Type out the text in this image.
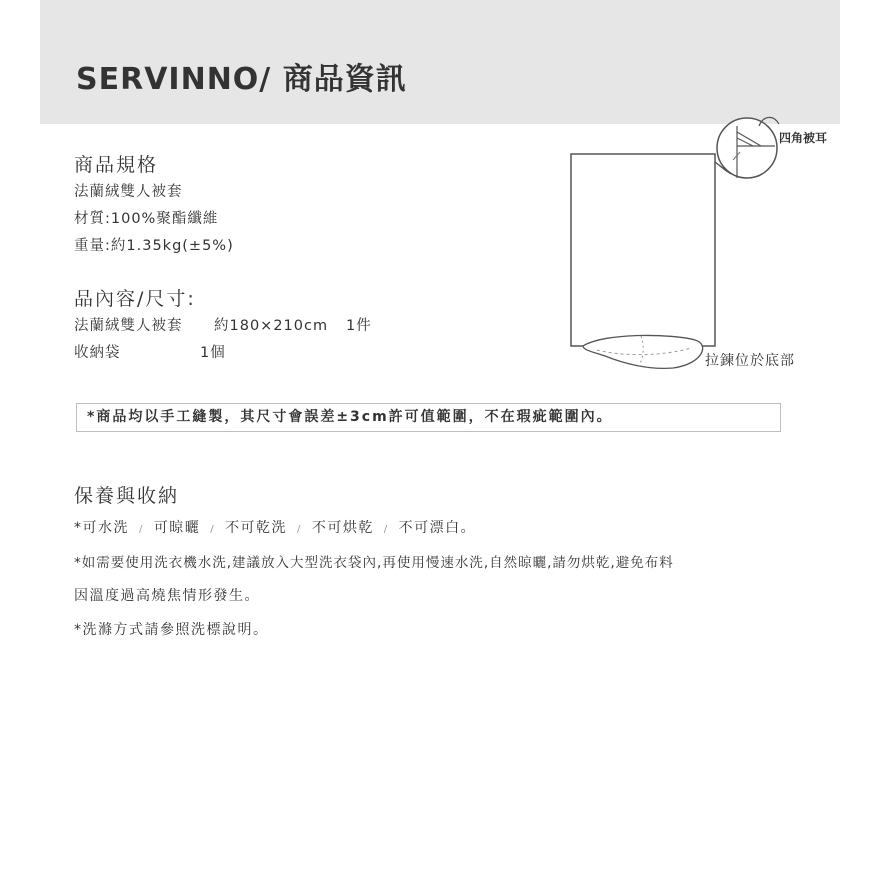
SERVINNO/ 商品資訊
商品規格
法蘭絨雙人被套
材質:100%聚酯纖維
重量:約1.35kg(±5%)
品內容/尺寸:
法蘭絨雙人被套 約180×210cm 1件
收納袋	1個
四角被耳
拉鍊位於底部
*商品均以手工縫製，其尺寸會誤差±3cm許可值範圍，不在瑕疵範圍內。
保養與收納
*可水洗 / 可晾曬 / 不可乾洗 / 不可烘乾 / 不可漂白。
*如需要使用洗衣機水洗,建議放入大型洗衣袋內,再使用慢速水洗,自然晾曬,請勿烘乾,避免布料
因溫度過高燒焦情形發生。
*洗滌方式請參照洗標說明。
